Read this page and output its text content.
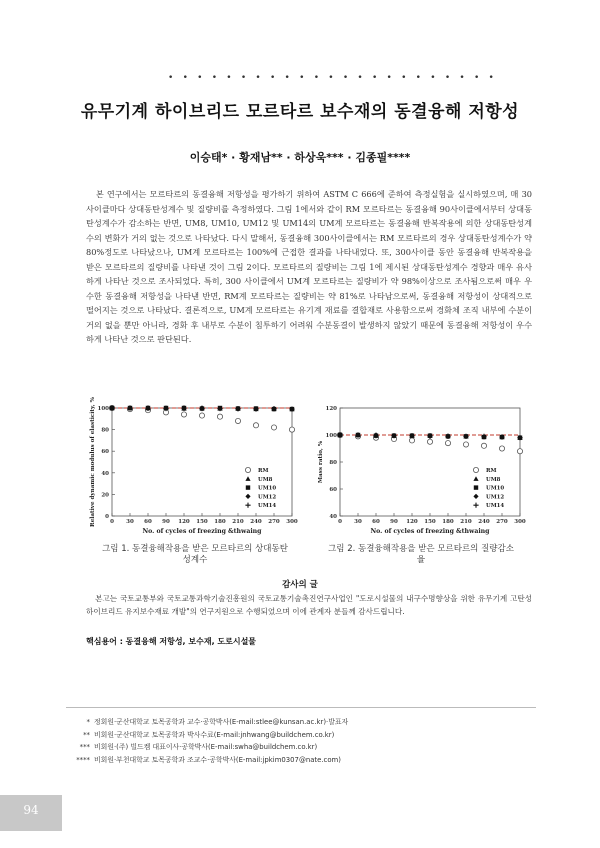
• • • • • • • • • • • • • • • • • • • • • • •
유무기계 하이브리드 모르타르 보수재의 동결융해 저항성
이승태* · 황재남** · 하상욱*** · 김종필****

본 연구에서는 모르타르의 동결융해 저항성을 평가하기 위하여 ASTM C 666에 준하여 측정실험을 실시하였으며, 매 30사이클마다 상대동탄성계수 및 질량비를 측정하였다. 그림 1에서와 같이 RM 모르타르는 동결융해 90사이클에서부터 상대동탄성계수가 감소하는 반면, UM8, UM10, UM12 및 UM14의 UM계 모르타르는 동결융해 반복작용에 의한 상대동탄성계수의 변화가 거의 없는 것으로 나타났다. 다시 말해서, 동결융해 300사이클에서는 RM 모르타르의 경우 상대동탄성계수가 약 80%정도로 나타났으나, UM계 모르타르는 100%에 근접한 결과를 나타내었다. 또, 300사이클 동안 동결융해 반복작용을 받은 모르타르의 질량비를 나타낸 것이 그림 2이다. 모르타르의 질량비는 그림 1에 제시된 상대동탄성계수 경향과 매우 유사하게 나타난 것으로 조사되었다. 특히, 300 사이클에서 UM계 모르타르는 질량비가 약 98%이상으로 조사됨으로써 매우 우수한 동결융해 저항성을 나타낸 반면, RM계 모르타르는 질량비는 약 81%로 나타남으로써, 동결융해 저항성이 상대적으로 떨어지는 것으로 나타났다. 결론적으로, UM계 모르타르는 유기계 재료를 결합재로 사용함으로써 경화체 조직 내부에 수분이 거의 없을 뿐만 아니라, 경화 후 내부로 수분이 침투하기 어려워 수분동결이 발생하지 않았기 때문에 동결융해 저항성이 우수하게 나타난 것으로 판단된다.

0
20
40
60
80
100
0 30 60 90 120 150 180 210 240 270 300
No. of cycles of freezing &thwaing
Relative dynamic modulus of elasticity, %	RM
UM8
UM10
UM12
UM14
40
60
80
100
120
0 30 60 90 120 150 180 210 240 270 300
No. of cycles of freezing &thwaing
Mass ratio, %	RM
UM8
UM10
UM12
UM14
그림 1. 동결융해작용을 받은 모르타르의 상대동탄성계수
그림 2. 동결융해작용을 받은 모르타르의 질량감소율
감사의 글

본고는 국토교통부와 국토교통과학기술진흥원의 국토교통기술촉진연구사업인 "도로시설물의 내구수명향상을 위한 유무기계 고탄성 하이브리드 유지보수재료 개발"의 연구지원으로 수행되었으며 이에 관계자 분들께 감사드립니다.

핵심용어 : 동결융해 저항성, 보수재, 도로시설물
* 정회원·군산대학교 토목공학과 교수·공학박사(E-mail:stlee@kunsan.ac.kr)·발표자
** 비회원·군산대학교 토목공학과 박사수료(E-mail:jnhwang@buildchem.co.kr)
*** 비회원·(주) 빌드켐 대표이사·공학박사(E-mail:swha@buildchem.co.kr)
**** 비회원·부천대학교 토목공학과 조교수·공학박사(E-mail:jpkim0307@nate.com)
94
